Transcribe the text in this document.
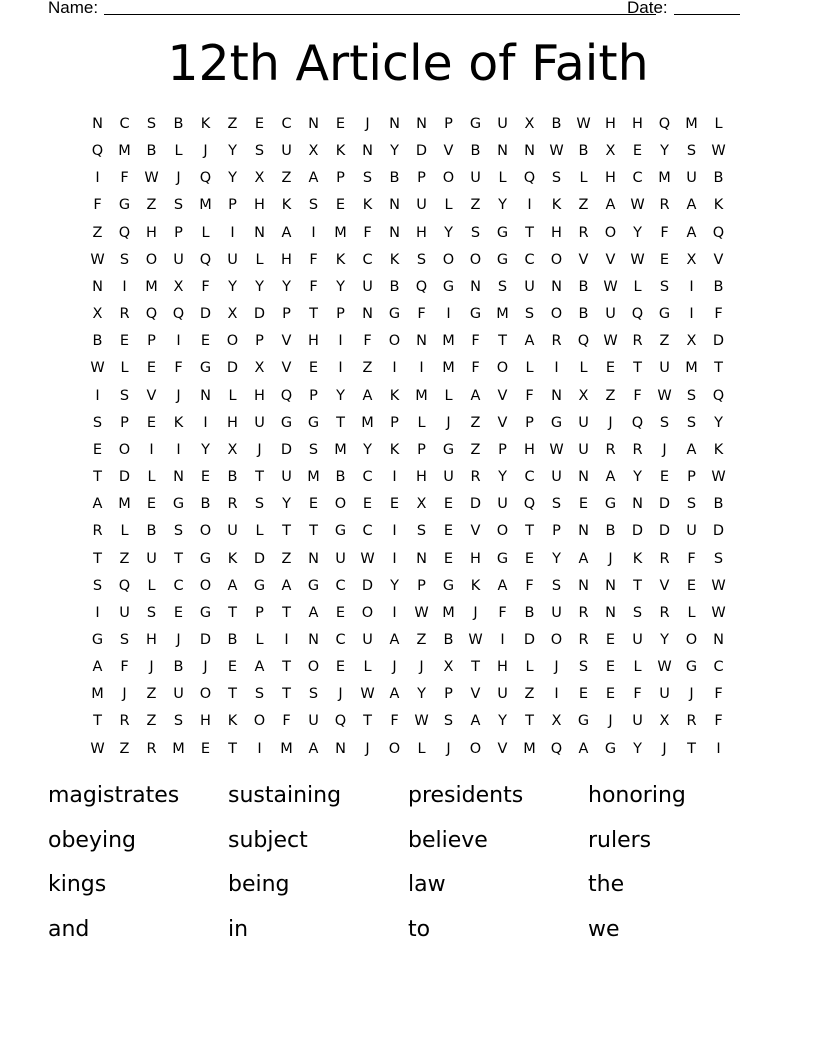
Name:	Date:
12th Article of Faith
N	C	S	B	K	Z	E	C	N	E	J	N	N	P	G	U	X	B	W H	H	Q	M	L
Q	M	B	L	J	Y	S	U	X	K	N	Y	D	V	B	N	N W	B	X	E	Y	S	W
I	F	W	J	Q	Y	X	Z	A	P	S	B	P	O	U	L	Q	S	L	H	C	M	U	B
F	G	Z	S	M	P	H	K	S	E	K	N	U	L	Z	Y	I	K	Z	A	W	R	A	K
Z	Q	H	P	L	I	N	A	I	M	F	N	H	Y	S	G	T	H	R	O	Y	F	A	Q
W	S	O	U	Q	U	L	H	F	K	C	K	S	O	O	G	C	O	V	V	W	E	X	V
N	I	M	X	F	Y	Y	Y	F	Y	U	B	Q	G	N	S	U	N	B	W	L	S	I	B
X	R	Q	Q	D	X	D	P	T	P	N	G	F	I	G	M	S	O	B	U	Q	G	I	F
B	E	P	I	E	O	P	V	H	I	F	O	N	M	F	T	A	R	Q W	R	Z	X	D
W	L	E	F	G	D	X	V	E	I	Z	I	I	M	F	O	L	I	L	E	T	U	M	T
I	S	V	J	N	L	H	Q	P	Y	A	K	M	L	A	V	F	N	X	Z	F	W	S	Q
S	P	E	K	I	H	U	G	G	T	M	P	L	J	Z	V	P	G	U	J	Q	S	S	Y
E	O	I	I	Y	X	J	D	S	M	Y	K	P	G	Z	P	H W	U	R	R	J	A	K
T	D	L	N	E	B	T	U	M	B	C	I	H	U	R	Y	C	U	N	A	Y	E	P	W
A	M	E	G	B	R	S	Y	E	O	E	E	X	E	D	U	Q	S	E	G	N	D	S	B
R	L	B	S	O	U	L	T	T	G	C	I	S	E	V	O	T	P	N	B	D	D	U	D
T	Z	U	T	G	K	D	Z	N	U	W	I	N	E	H	G	E	Y	A	J	K	R	F	S
S	Q	L	C	O	A	G	A	G	C	D	Y	P	G	K	A	F	S	N	N	T	V	E	W
I	U	S	E	G	T	P	T	A	E	O	I	W M	J	F	B	U	R	N	S	R	L	W
G	S	H	J	D	B	L	I	N	C	U	A	Z	B	W	I	D	O	R	E	U	Y	O	N
A	F	J	B	J	E	A	T	O	E	L	J	J	X	T	H	L	J	S	E	L	W G	C
M	J	Z	U	O	T	S	T	S	J	W	A	Y	P	V	U	Z	I	E	E	F	U	J	F
T	R	Z	S	H	K	O	F	U	Q	T	F	W	S	A	Y	T	X	G	J	U	X	R	F
W	Z	R	M	E	T	I	M	A	N	J	O	L	J	O	V	M	Q	A	G	Y	J	T	I
magistrates	sustaining	presidents	honoring
obeying	subject	believe	rulers
kings	being	law	the
and	in	to	we
